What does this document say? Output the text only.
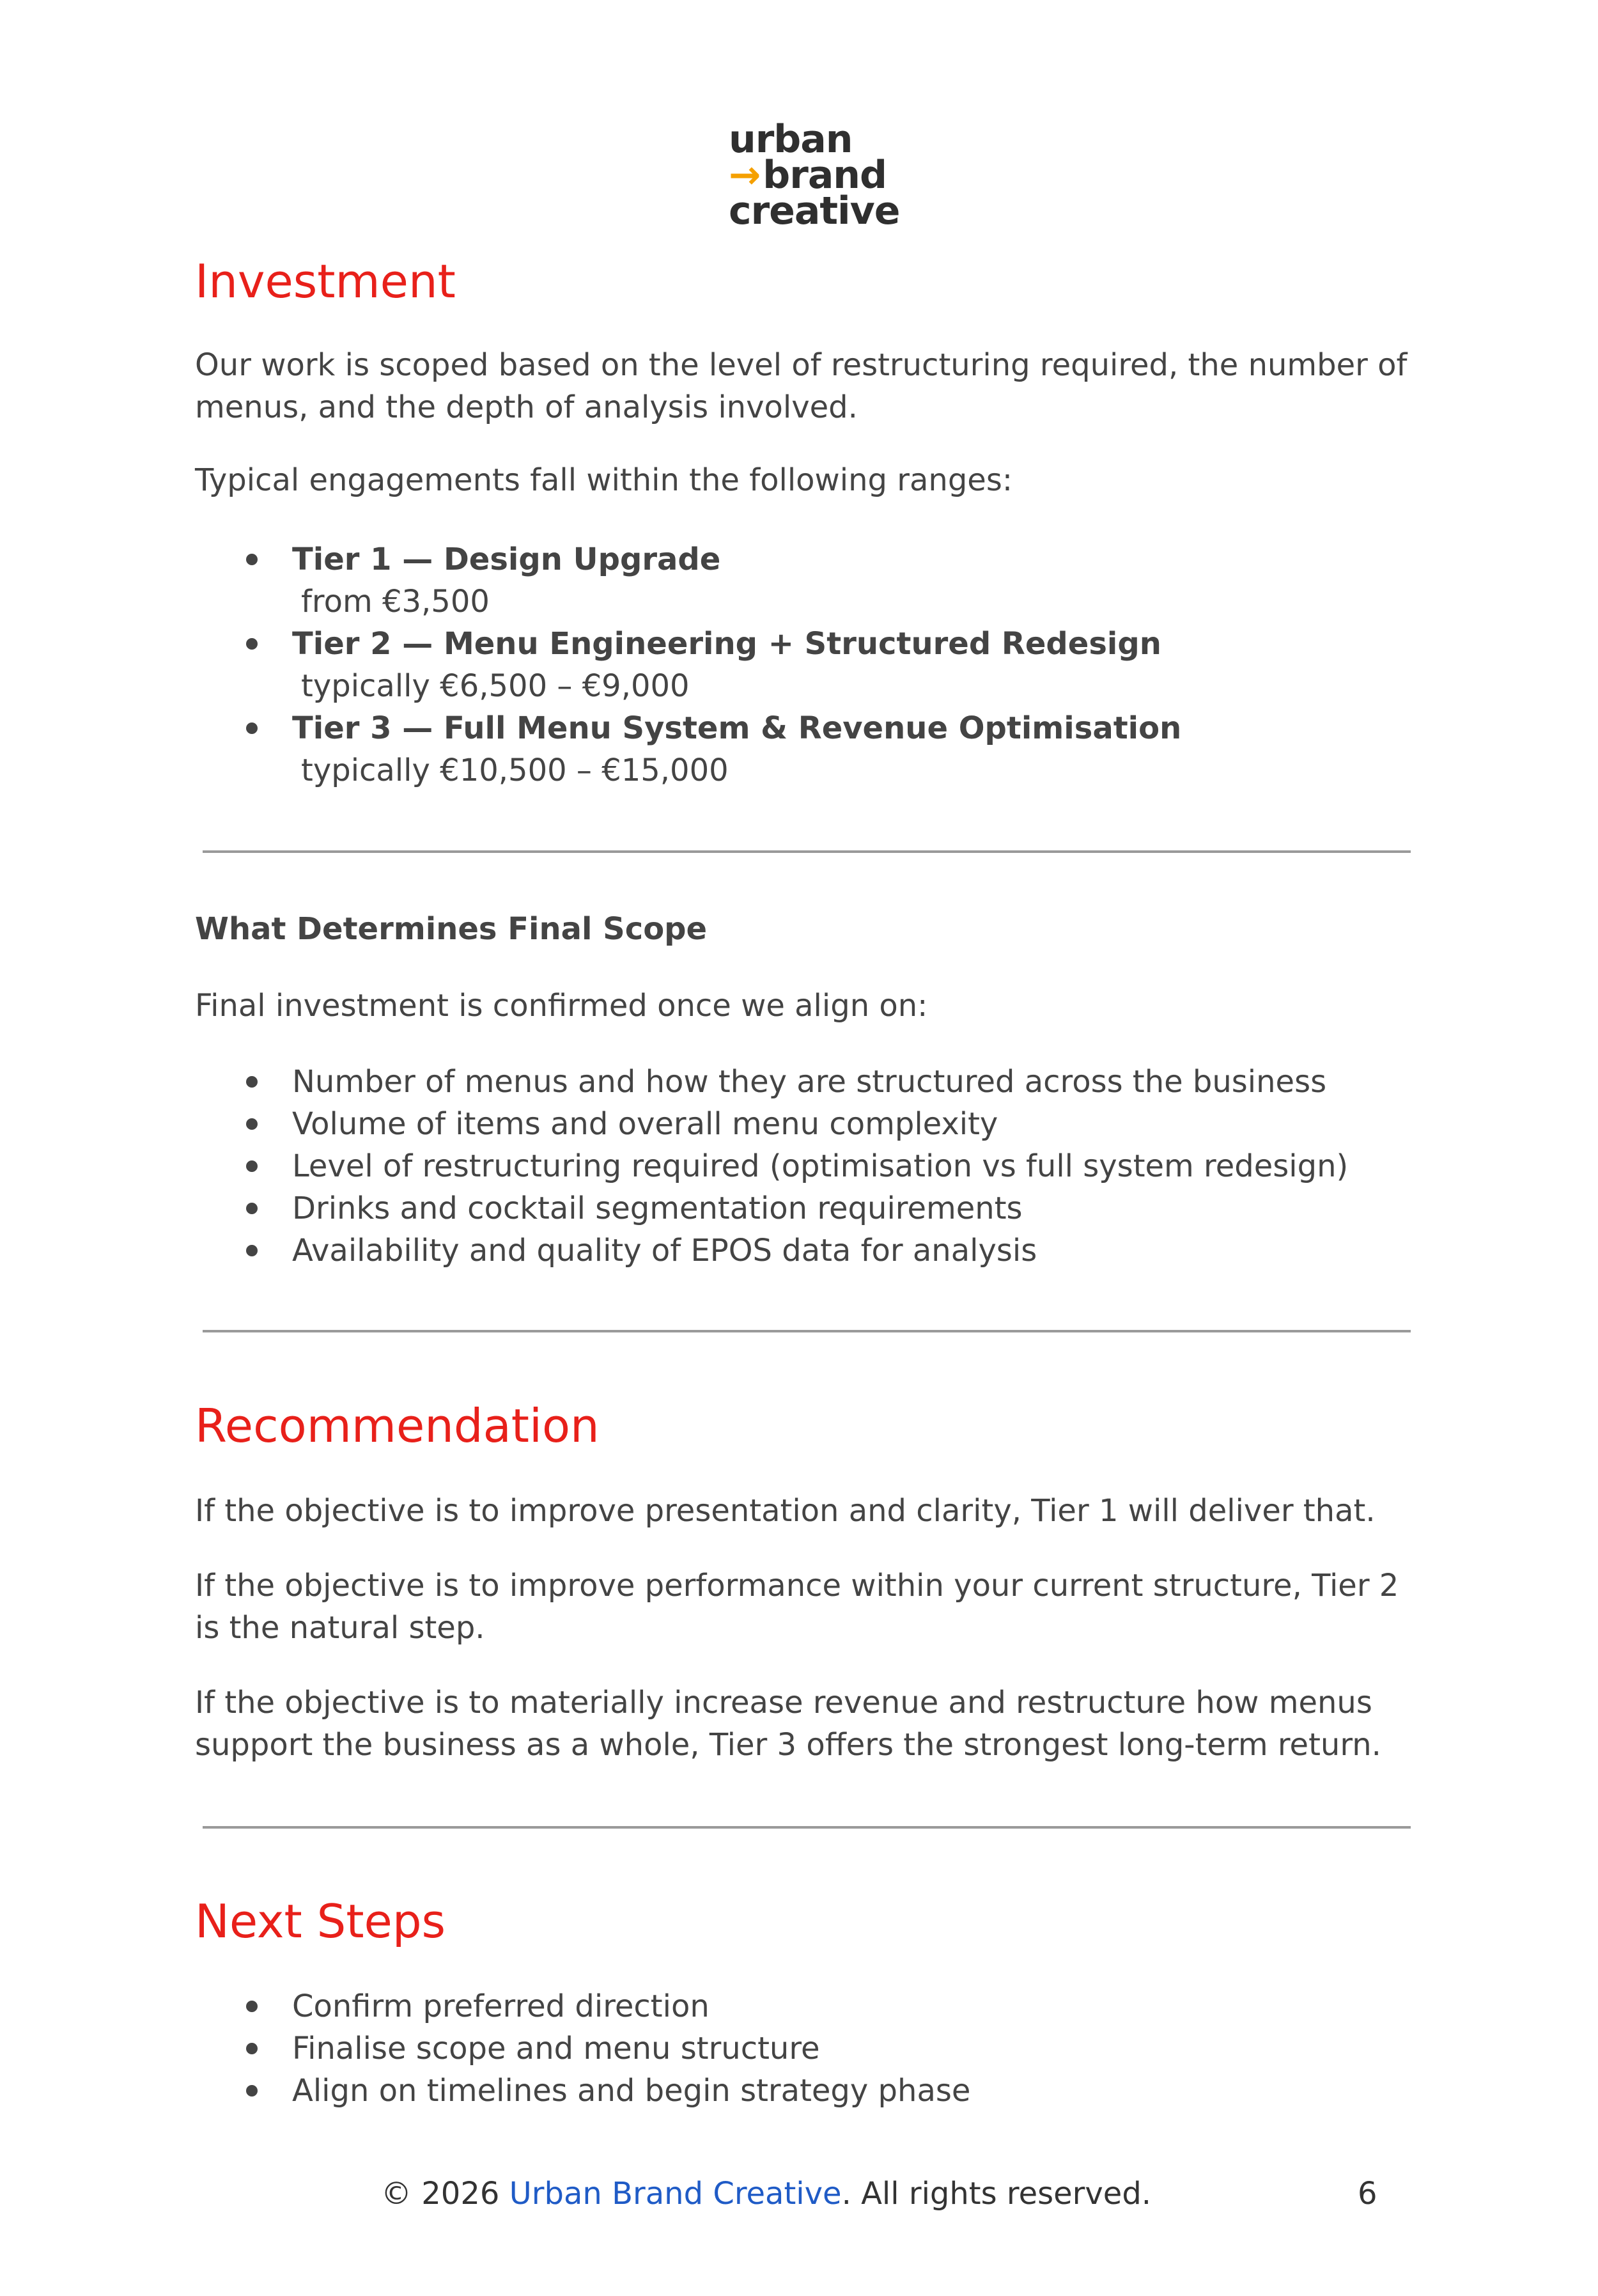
urban
→brand
creative
Investment

Our work is scoped based on the level of restructuring required, the number of menus, and the depth of analysis involved.

Typical engagements fall within the following ranges:

Tier 1 — Design Upgrade
from €3,500
Tier 2 — Menu Engineering + Structured Redesign
typically €6,500 – €9,000
Tier 3 — Full Menu System & Revenue Optimisation
typically €10,500 – €15,000
What Determines Final Scope

Final investment is confirmed once we align on:

Number of menus and how they are structured across the business
Volume of items and overall menu complexity
Level of restructuring required (optimisation vs full system redesign)
Drinks and cocktail segmentation requirements
Availability and quality of EPOS data for analysis
Recommendation

If the objective is to improve presentation and clarity, Tier 1 will deliver that.

If the objective is to improve performance within your current structure, Tier 2 is the natural step.

If the objective is to materially increase revenue and restructure how menus support the business as a whole, Tier 3 offers the strongest long-term return.

Next Steps
Confirm preferred direction
Finalise scope and menu structure
Align on timelines and begin strategy phase
© 2026 Urban Brand Creative. All rights reserved.	6
